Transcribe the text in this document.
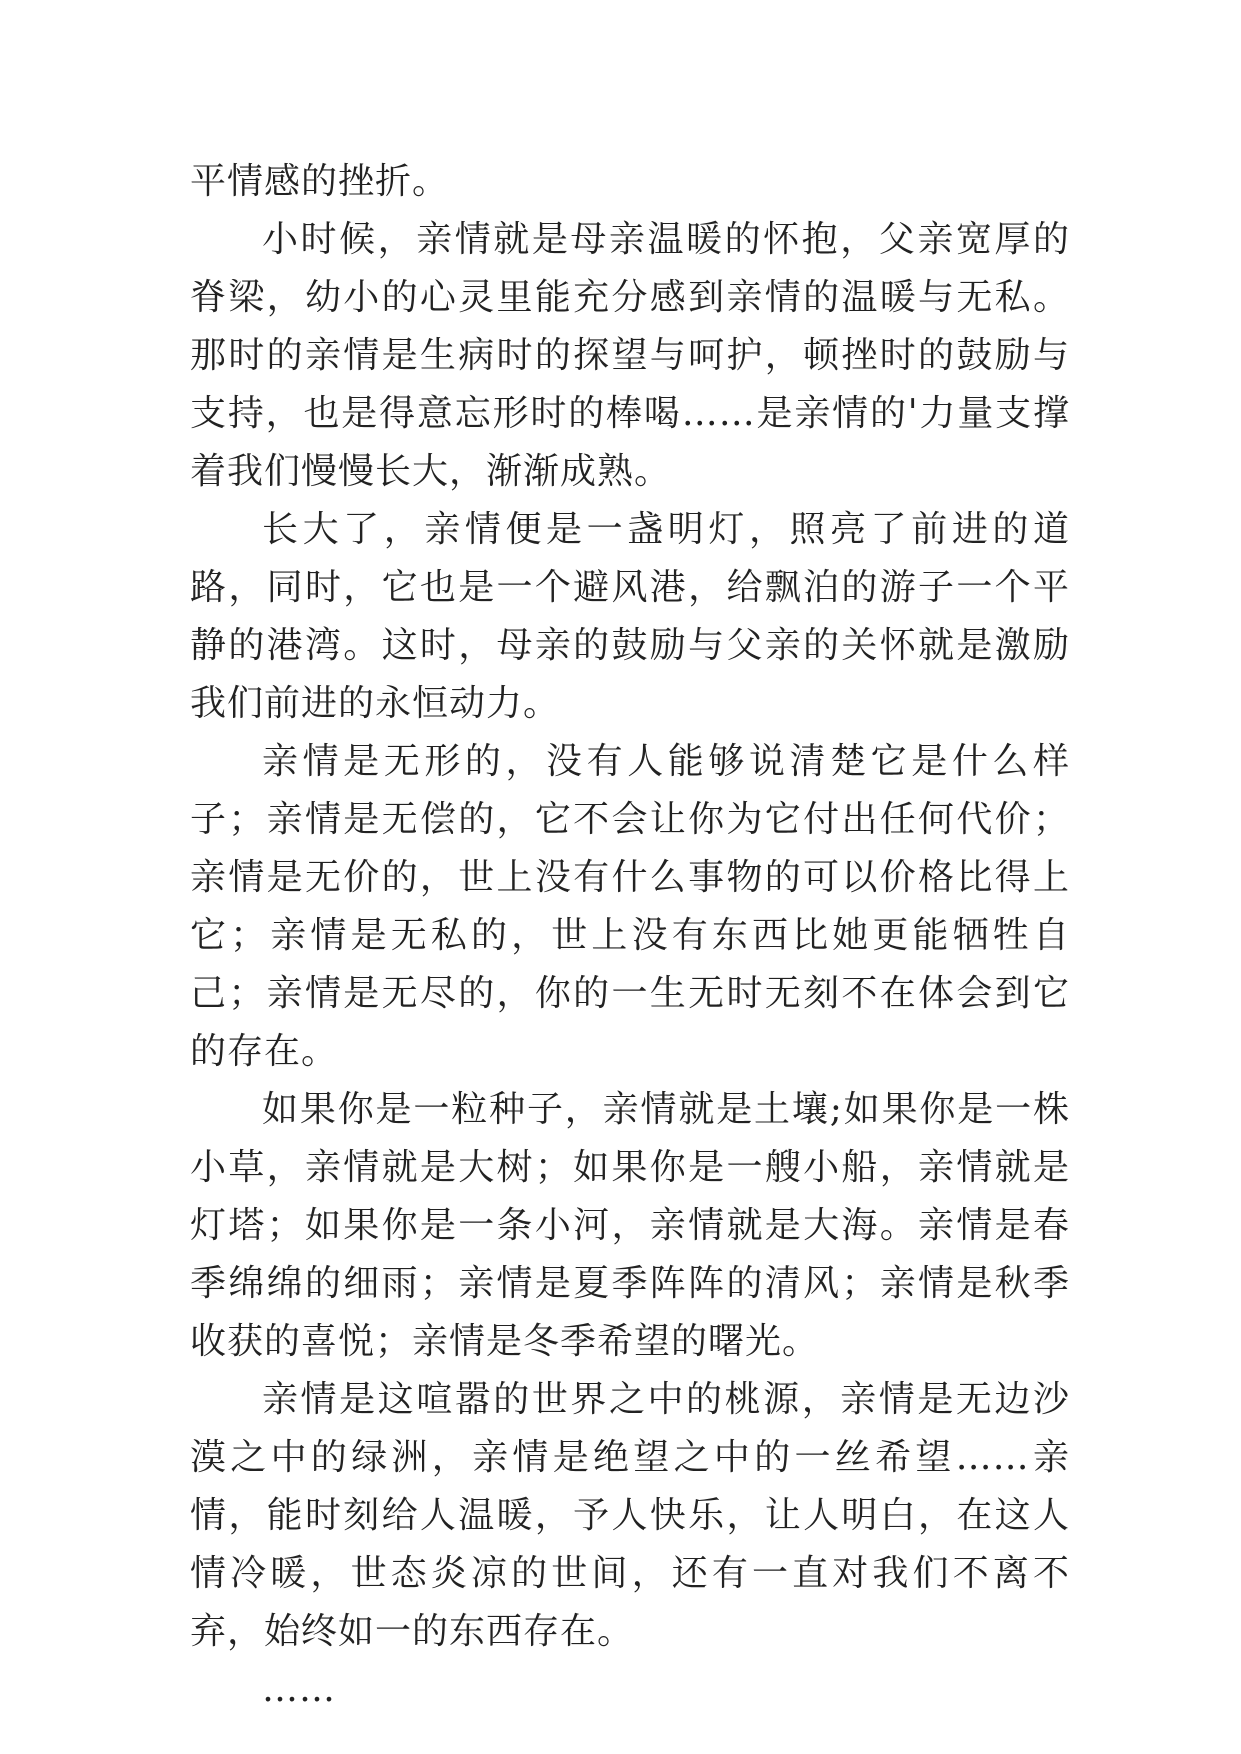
平情感的挫折。

小时候，亲情就是母亲温暖的怀抱，父亲宽厚的脊梁，幼小的心灵里能充分感到亲情的温暖与无私。那时的亲情是生病时的探望与呵护，顿挫时的鼓励与支持，也是得意忘形时的棒喝……是亲情的'力量支撑着我们慢慢长大，渐渐成熟。

长大了，亲情便是一盏明灯，照亮了前进的道路，同时，它也是一个避风港，给飘泊的游子一个平静的港湾。这时，母亲的鼓励与父亲的关怀就是激励我们前进的永恒动力。

亲情是无形的，没有人能够说清楚它是什么样子；亲情是无偿的，它不会让你为它付出任何代价；亲情是无价的，世上没有什么事物的可以价格比得上它；亲情是无私的，世上没有东西比她更能牺牲自己；亲情是无尽的，你的一生无时无刻不在体会到它的存在。

如果你是一粒种子，亲情就是土壤;如果你是一株小草，亲情就是大树；如果你是一艘小船，亲情就是灯塔；如果你是一条小河，亲情就是大海。亲情是春季绵绵的细雨；亲情是夏季阵阵的清风；亲情是秋季收获的喜悦；亲情是冬季希望的曙光。

亲情是这喧嚣的世界之中的桃源，亲情是无边沙漠之中的绿洲，亲情是绝望之中的一丝希望……亲情，能时刻给人温暖，予人快乐，让人明白，在这人情冷暖，世态炎凉的世间，还有一直对我们不离不弃，始终如一的东西存在。

……
